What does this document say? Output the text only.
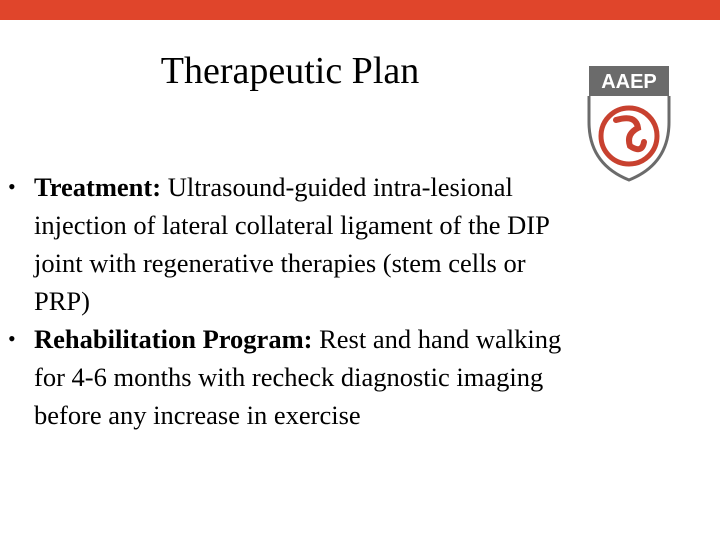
Therapeutic Plan	AAEP
• Treatment: Ultrasound-guided intra-lesional injection of lateral collateral ligament of the DIP joint with regenerative therapies (stem cells or PRP)
• Rehabilitation Program: Rest and hand walking for 4-6 months with recheck diagnostic imaging before any increase in exercise
